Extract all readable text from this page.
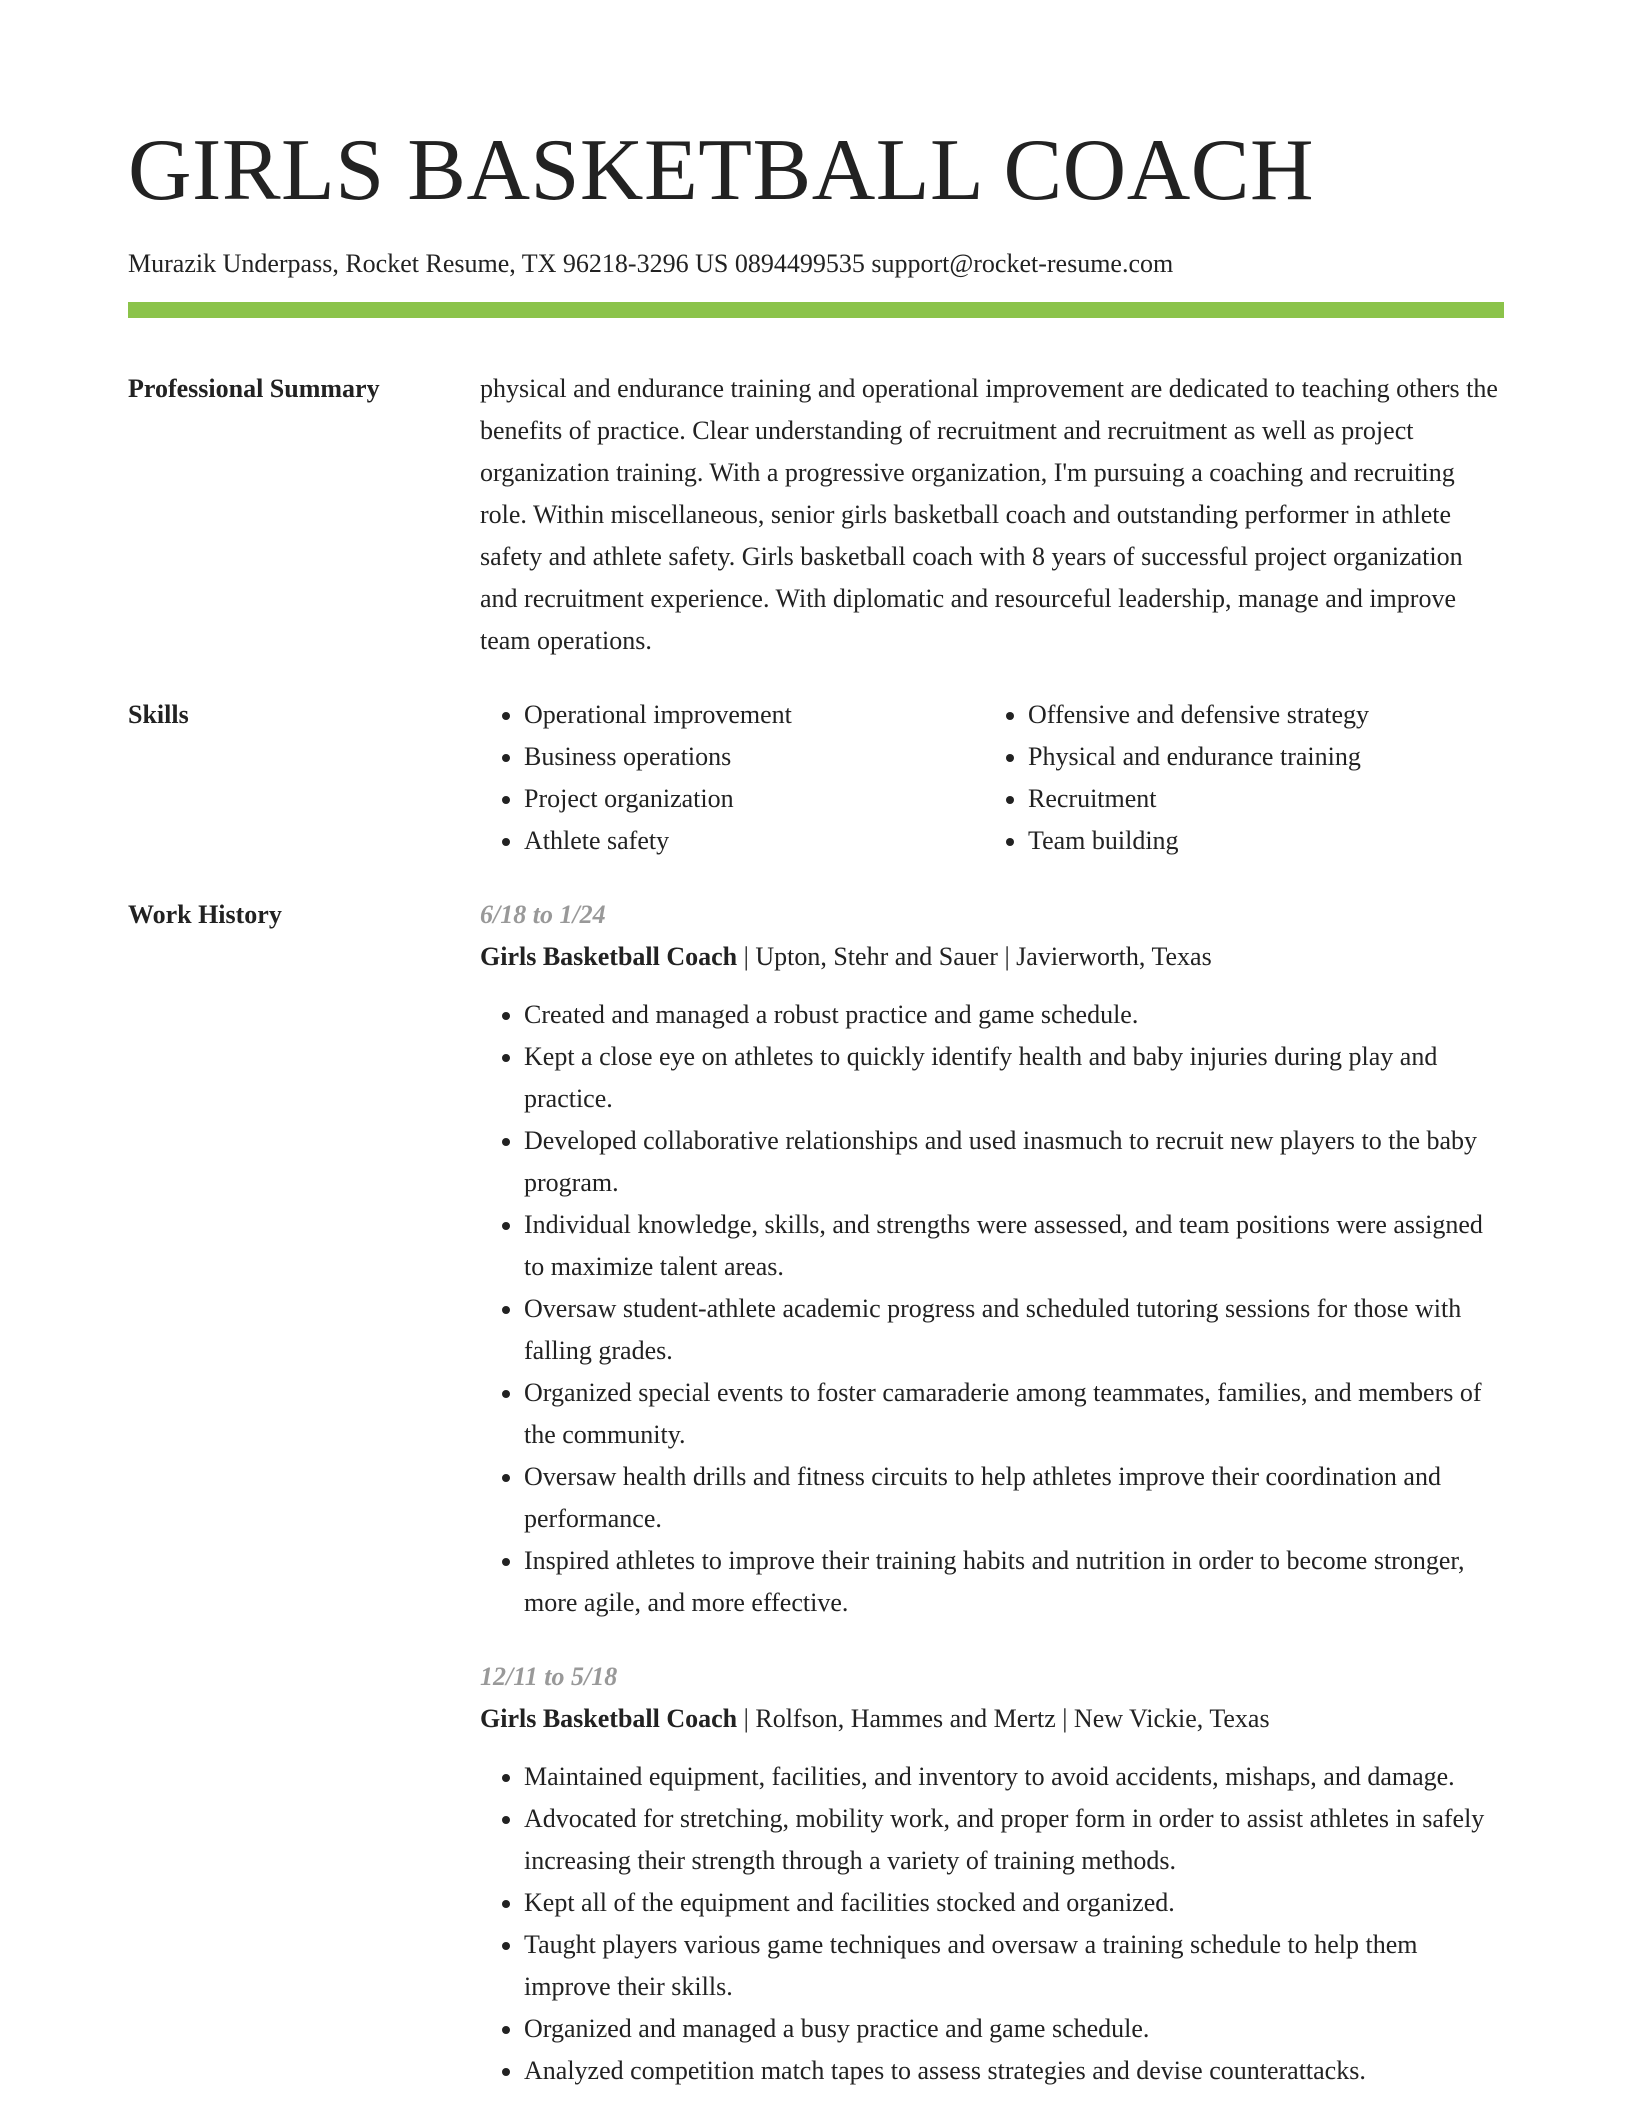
GIRLS BASKETBALL COACH
Murazik Underpass, Rocket Resume, TX 96218-3296 US 0894499535 support@rocket-resume.com
Professional Summary	physical and endurance training and operational improvement are dedicated to teaching others the benefits of practice. Clear understanding of recruitment and recruitment as well as project organization training. With a progressive organization, I'm pursuing a coaching and recruiting role. Within miscellaneous, senior girls basketball coach and outstanding performer in athlete safety and athlete safety. Girls basketball coach with 8 years of successful project organization and recruitment experience. With diplomatic and resourceful leadership, manage and improve team operations.
Skills
•	Operational improvement
• Business operations
• Project organization
• Athlete safety
• Offensive and defensive strategy
• Physical and endurance training
• Recruitment
• Team building
Work History	6/18 to 1/24
Girls Basketball Coach | Upton, Stehr and Sauer | Javierworth, Texas
• Created and managed a robust practice and game schedule.
• Kept a close eye on athletes to quickly identify health and baby injuries during play and practice.
• Developed collaborative relationships and used inasmuch to recruit new players to the baby program.
• Individual knowledge, skills, and strengths were assessed, and team positions were assigned to maximize talent areas.
• Oversaw student-athlete academic progress and scheduled tutoring sessions for those with falling grades.
• Organized special events to foster camaraderie among teammates, families, and members of the community.
• Oversaw health drills and fitness circuits to help athletes improve their coordination and performance.
• Inspired athletes to improve their training habits and nutrition in order to become stronger, more agile, and more effective.
12/11 to 5/18
Girls Basketball Coach | Rolfson, Hammes and Mertz | New Vickie, Texas
• Maintained equipment, facilities, and inventory to avoid accidents, mishaps, and damage.
• Advocated for stretching, mobility work, and proper form in order to assist athletes in safely increasing their strength through a variety of training methods.
• Kept all of the equipment and facilities stocked and organized.
• Taught players various game techniques and oversaw a training schedule to help them improve their skills.
• Organized and managed a busy practice and game schedule.
• Analyzed competition match tapes to assess strategies and devise counterattacks.
